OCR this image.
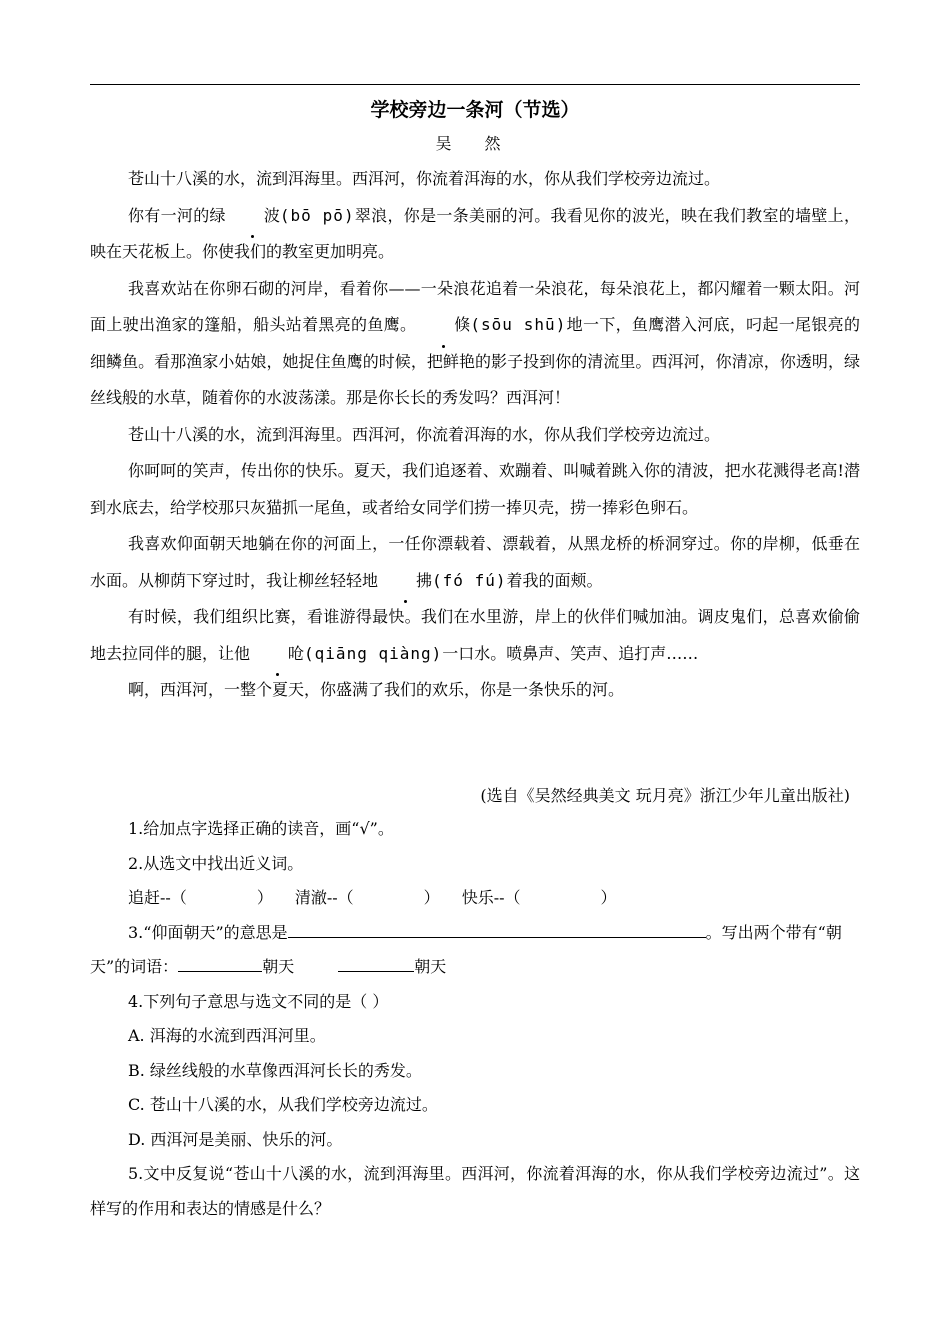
学校旁边一条河（节选）
吴 然

苍山十八溪的水，流到洱海里。西洱河，你流着洱海的水，你从我们学校旁边流过。

你有一河的绿 波(bō pō)翠浪，你是一条美丽的河。我看见你的波光，映在我们教室的墙壁上，映在天花板上。你使我们的教室更加明亮。

我喜欢站在你卵石砌的河岸，看着你——一朵浪花追着一朵浪花，每朵浪花上，都闪耀着一颗太阳。河面上驶出渔家的篷船，船头站着黑亮的鱼鹰。 倏(sōu shū)地一下，鱼鹰潜入河底，叼起一尾银亮的细鳞鱼。看那渔家小姑娘，她捉住鱼鹰的时候，把鲜艳的影子投到你的清流里。西洱河，你清凉，你透明，绿丝线般的水草，随着你的水波荡漾。那是你长长的秀发吗？西洱河！

苍山十八溪的水，流到洱海里。西洱河，你流着洱海的水，你从我们学校旁边流过。

你呵呵的笑声，传出你的快乐。夏天，我们追逐着、欢蹦着、叫喊着跳入你的清波，把水花溅得老高!潜到水底去，给学校那只灰猫抓一尾鱼，或者给女同学们捞一捧贝壳，捞一捧彩色卵石。

我喜欢仰面朝天地躺在你的河面上，一任你漂载着、漂载着，从黑龙桥的桥洞穿过。你的岸柳，低垂在水面。从柳荫下穿过时，我让柳丝轻轻地 拂(fó fú)着我的面颊。

有时候，我们组织比赛，看谁游得最快。我们在水里游，岸上的伙伴们喊加油。调皮鬼们，总喜欢偷偷地去拉同伴的腿，让他 呛(qiāng qiàng)一口水。喷鼻声、笑声、追打声……

啊，西洱河，一整个夏天，你盛满了我们的欢乐，你是一条快乐的河。

(选自《吴然经典美文 玩月亮》浙江少年儿童出版社)

1.给加点字选择正确的读音，画“√”。

2.从选文中找出近义词。

追赶--（	） 清澈--（	） 快乐--（	）

3.“仰面朝天”的意思是	。写出两个带有“朝天”的词语：	朝天	朝天

4.下列句子意思与选文不同的是（ ）

A. 洱海的水流到西洱河里。

B. 绿丝线般的水草像西洱河长长的秀发。

C. 苍山十八溪的水，从我们学校旁边流过。

D. 西洱河是美丽、快乐的河。

5.文中反复说“苍山十八溪的水，流到洱海里。西洱河，你流着洱海的水，你从我们学校旁边流过”。这样写的作用和表达的情感是什么？
